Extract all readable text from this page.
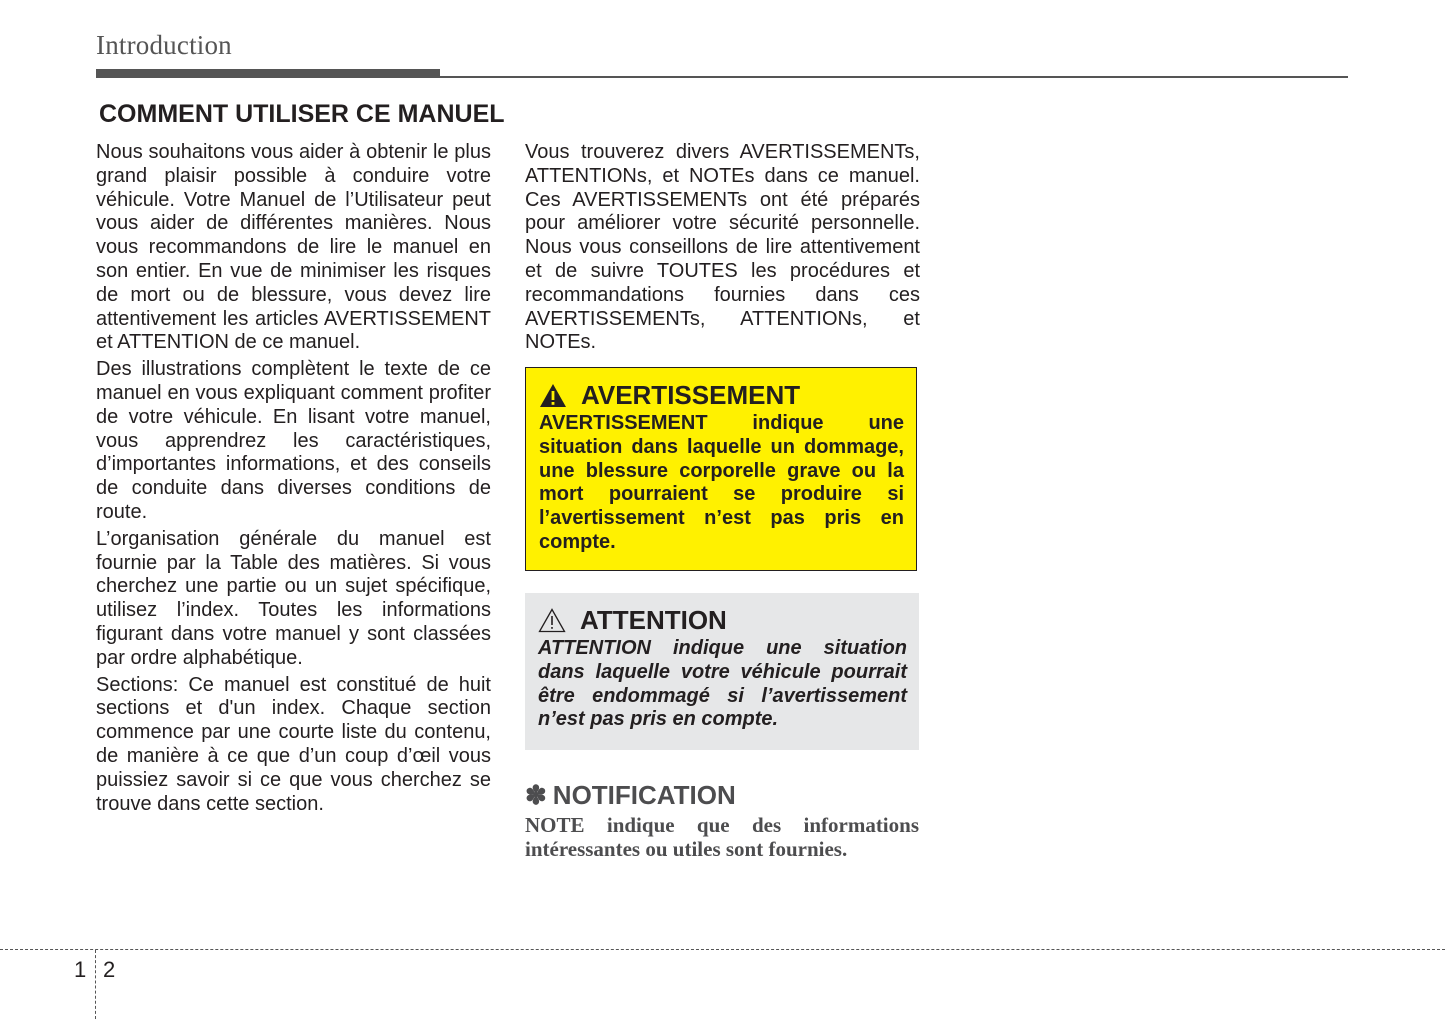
Introduction
COMMENT UTILISER CE MANUEL

Nous souhaitons vous aider à obtenir le plus grand plaisir possible à conduire votre véhicule. Votre Manuel de l’Utilisateur peut vous aider de différentes manières. Nous vous recommandons de lire le manuel en son entier. En vue de minimiser les risques de mort ou de blessure, vous devez lire attentivement les articles AVERTISSEMENT et ATTENTION de ce manuel.

Des illustrations complètent le texte de ce manuel en vous expliquant comment profiter de votre véhicule. En lisant votre manuel, vous apprendrez les caractéristiques, d’importantes informations, et des conseils de conduite dans diverses conditions de route.

L’organisation générale du manuel est fournie par la Table des matières. Si vous cherchez une partie ou un sujet spécifique, utilisez l’index. Toutes les informations figurant dans votre manuel y sont classées par ordre alphabétique.

Sections: Ce manuel est constitué de huit sections et d'un index. Chaque section commence par une courte liste du contenu, de manière à ce que d’un coup d’œil vous puissiez savoir si ce que vous cherchez se trouve dans cette section.

Vous trouverez divers AVERTISSEMENTs, ATTENTIONs, et NOTEs dans ce manuel. Ces AVERTISSEMENTs ont été préparés pour améliorer votre sécurité personnelle. Nous vous conseillons de lire attentivement et de suivre TOUTES les procédures et recommandations fournies dans ces AVERTISSEMENTs, ATTENTIONs, et NOTEs.

AVERTISSEMENT
AVERTISSEMENT indique une situation dans laquelle un dommage, une blessure corporelle grave ou la mort pourraient se produire si l’avertissement n’est pas pris en compte.
ATTENTION
ATTENTION indique une situation dans laquelle votre véhicule pourrait être endommagé si l’avertissement n’est pas pris en compte.
✽ NOTIFICATION
NOTE indique que des informations intéressantes ou utiles sont fournies.
1 2
